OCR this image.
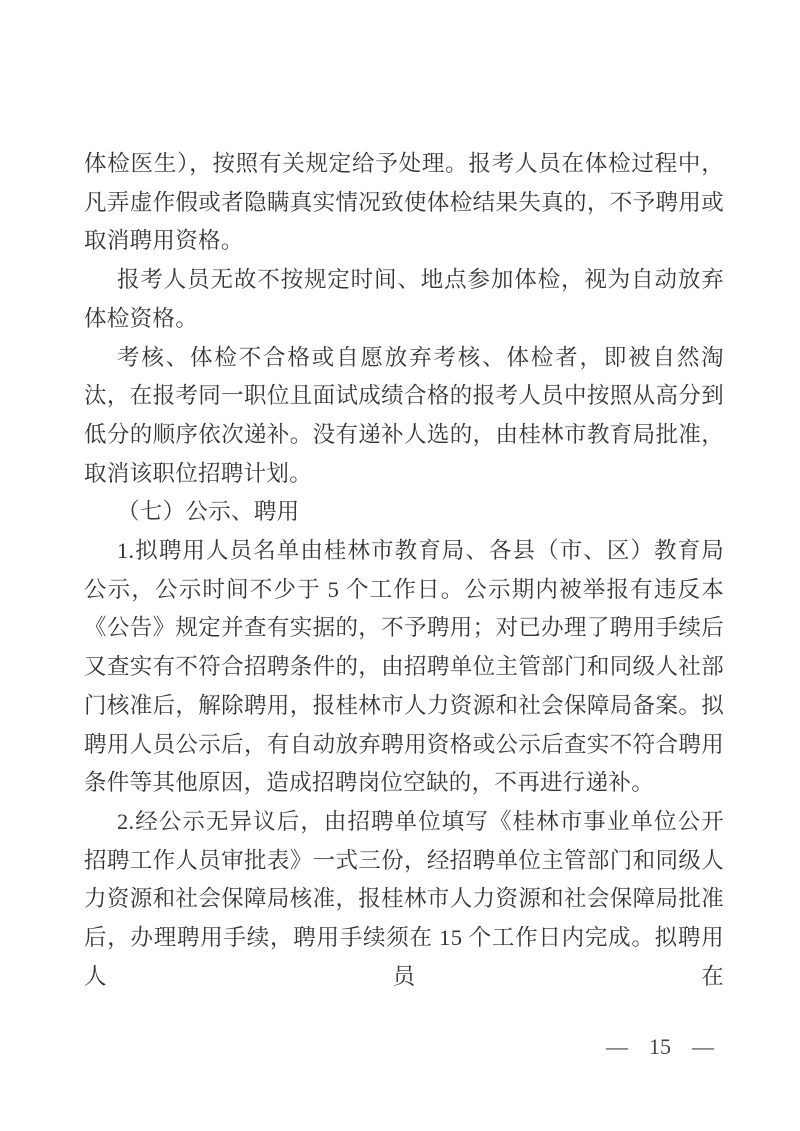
体检医生），按照有关规定给予处理。报考人员在体检过程中，凡弄虚作假或者隐瞒真实情况致使体检结果失真的，不予聘用或取消聘用资格。

报考人员无故不按规定时间、地点参加体检，视为自动放弃体检资格。

考核、体检不合格或自愿放弃考核、体检者，即被自然淘汰，在报考同一职位且面试成绩合格的报考人员中按照从高分到低分的顺序依次递补。没有递补人选的，由桂林市教育局批准，取消该职位招聘计划。

（七）公示、聘用

1.拟聘用人员名单由桂林市教育局、各县（市、区）教育局公示，公示时间不少于 5 个工作日。公示期内被举报有违反本《公告》规定并查有实据的，不予聘用；对已办理了聘用手续后又查实有不符合招聘条件的，由招聘单位主管部门和同级人社部门核准后，解除聘用，报桂林市人力资源和社会保障局备案。拟聘用人员公示后，有自动放弃聘用资格或公示后查实不符合聘用条件等其他原因，造成招聘岗位空缺的，不再进行递补。

2.经公示无异议后，由招聘单位填写《桂林市事业单位公开招聘工作人员审批表》一式三份，经招聘单位主管部门和同级人力资源和社会保障局核准，报桂林市人力资源和社会保障局批准后，办理聘用手续，聘用手续须在 15 个工作日内完成。拟聘用人员在

— 15 —
